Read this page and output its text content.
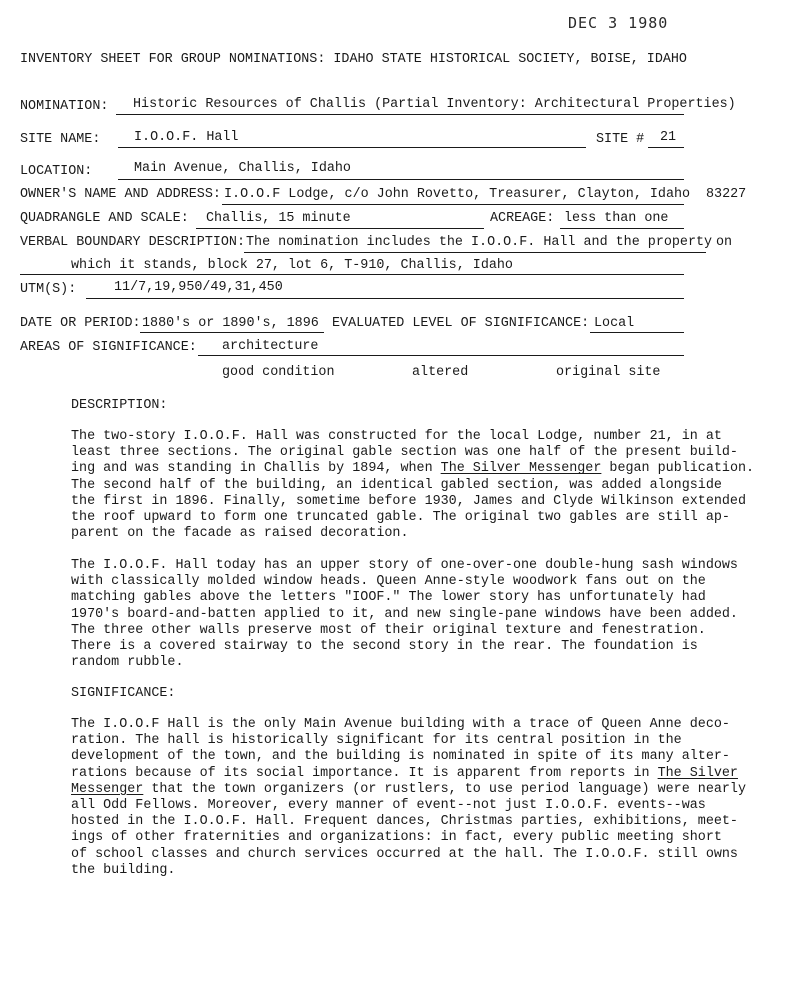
DEC 3 1980
INVENTORY SHEET FOR GROUP NOMINATIONS: IDAHO STATE HISTORICAL SOCIETY, BOISE, IDAHO
NOMINATION: Historic Resources of Challis (Partial Inventory: Architectural Properties)
SITE NAME:	I.O.O.F. Hall	SITE # 21
LOCATION:	Main Avenue, Challis, Idaho
OWNER'S NAME AND ADDRESS: I.O.O.F Lodge, c/o John Rovetto, Treasurer, Clayton, Idaho 83227
QUADRANGLE AND SCALE: Challis, 15 minute	ACREAGE: less than one
VERBAL BOUNDARY DESCRIPTION: The nomination includes the I.O.O.F. Hall and the property on
which it stands, block 27, lot 6, T-910, Challis, Idaho
UTM(S):	11/7,19,950/49,31,450
DATE OR PERIOD: 1880's or 1890's, 1896 EVALUATED LEVEL OF SIGNIFICANCE: Local
AREAS OF SIGNIFICANCE: architecture
good condition	altered	original site
DESCRIPTION:
The two-story I.O.O.F. Hall was constructed for the local Lodge, number 21, in at
least three sections. The original gable section was one half of the present build-
ing and was standing in Challis by 1894, when The Silver Messenger began publication.
The second half of the building, an identical gabled section, was added alongside
the first in 1896. Finally, sometime before 1930, James and Clyde Wilkinson extended
the roof upward to form one truncated gable. The original two gables are still ap-
parent on the facade as raised decoration.
The I.O.O.F. Hall today has an upper story of one-over-one double-hung sash windows
with classically molded window heads. Queen Anne-style woodwork fans out on the
matching gables above the letters "IOOF." The lower story has unfortunately had
1970's board-and-batten applied to it, and new single-pane windows have been added.
The three other walls preserve most of their original texture and fenestration.
There is a covered stairway to the second story in the rear. The foundation is
random rubble.
SIGNIFICANCE:
The I.O.O.F Hall is the only Main Avenue building with a trace of Queen Anne deco-
ration. The hall is historically significant for its central position in the
development of the town, and the building is nominated in spite of its many alter-
rations because of its social importance. It is apparent from reports in The Silver
Messenger that the town organizers (or rustlers, to use period language) were nearly
all Odd Fellows. Moreover, every manner of event--not just I.O.O.F. events--was
hosted in the I.O.O.F. Hall. Frequent dances, Christmas parties, exhibitions, meet-
ings of other fraternities and organizations: in fact, every public meeting short
of school classes and church services occurred at the hall. The I.O.O.F. still owns
the building.
